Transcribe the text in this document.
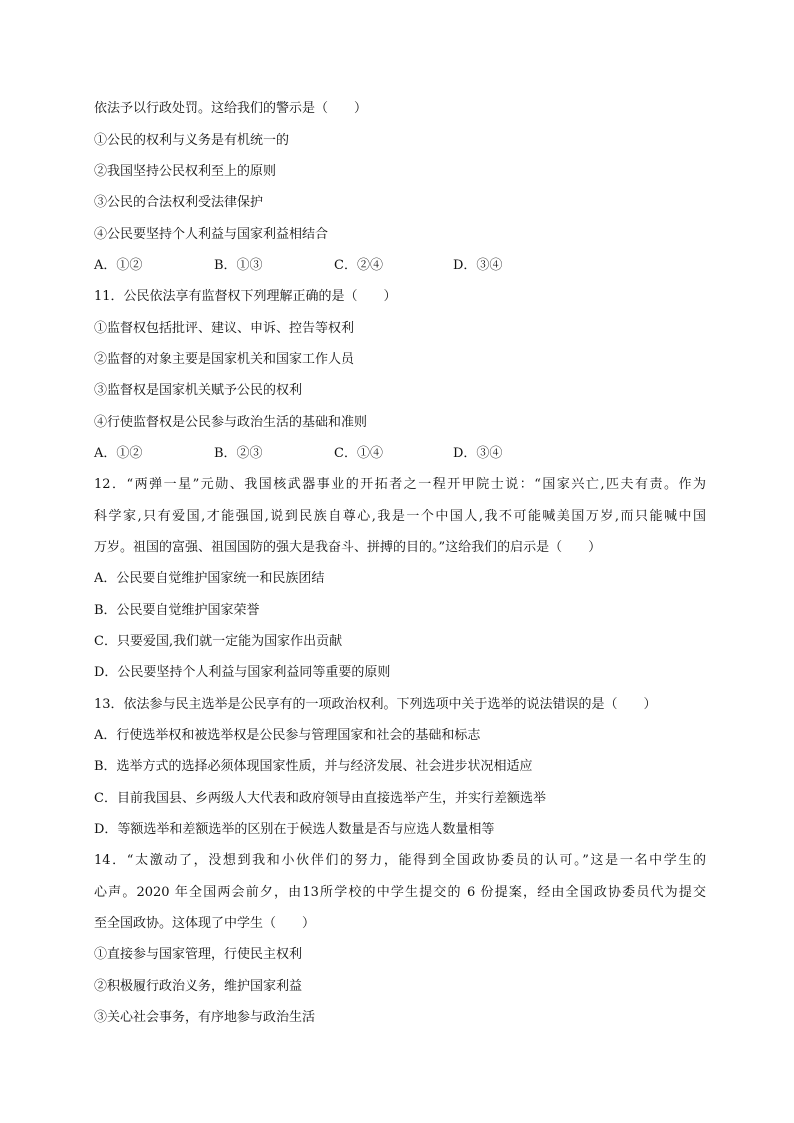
依法予以行政处罚。这给我们的警示是（　　）
①公民的权利与义务是有机统一的
②我国坚持公民权利至上的原则
③公民的合法权利受法律保护
④公民要坚持个人利益与国家利益相结合
A．①②	B．①③	C．②④	D．③④
11．公民依法享有监督权下列理解正确的是（　　）
①监督权包括批评、建议、申诉、控告等权利
②监督的对象主要是国家机关和国家工作人员
③监督权是国家机关赋予公民的权利
④行使监督权是公民参与政治生活的基础和准则
A．①②	B．②③	C．①④	D．③④
12．“两弹一星”元勋、我国核武器事业的开拓者之一程开甲院士说：“国家兴亡,匹夫有责。作为
科学家,只有爱国,才能强国,说到民族自尊心,我是一个中国人,我不可能喊美国万岁,而只能喊中国
万岁。祖国的富强、祖国国防的强大是我奋斗、拼搏的目的。”这给我们的启示是（　　）
A．公民要自觉维护国家统一和民族团结
B．公民要自觉维护国家荣誉
C．只要爱国,我们就一定能为国家作出贡献
D．公民要坚持个人利益与国家利益同等重要的原则
13．依法参与民主选举是公民享有的一项政治权利。下列选项中关于选举的说法错误的是（　　）
A．行使选举权和被选举权是公民参与管理国家和社会的基础和标志
B．选举方式的选择必须体现国家性质，并与经济发展、社会进步状况相适应
C．目前我国县、乡两级人大代表和政府领导由直接选举产生，并实行差额选举
D．等额选举和差额选举的区别在于候选人数量是否与应选人数量相等
14．“太激动了，没想到我和小伙伴们的努力，能得到全国政协委员的认可。”这是一名中学生的
心声。2020 年全国两会前夕，由13所学校的中学生提交的 6 份提案，经由全国政协委员代为提交
至全国政协。这体现了中学生（　　）
①直接参与国家管理，行使民主权利
②积极履行政治义务，维护国家利益
③关心社会事务，有序地参与政治生活
